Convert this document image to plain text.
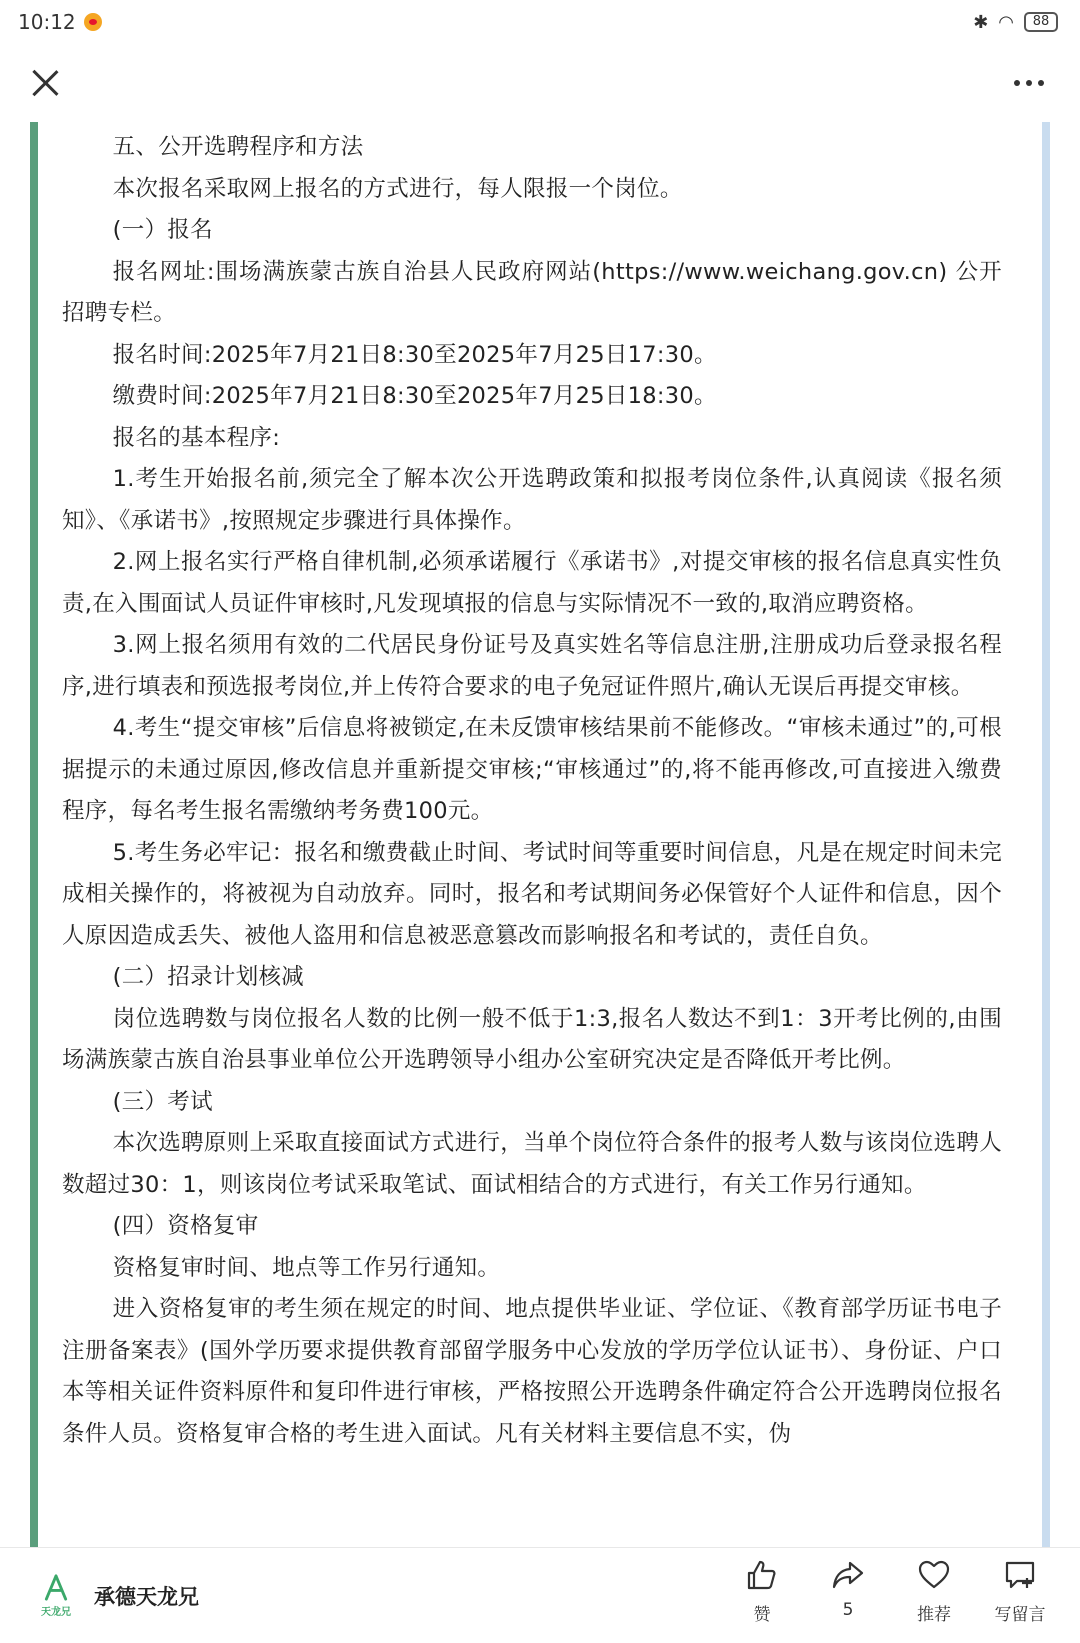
10:12	✱ ◠	88

五、公开选聘程序和方法

本次报名采取网上报名的方式进行，每人限报一个岗位。

(一）报名

报名网址:围场满族蒙古族自治县人民政府网站(https://www.weichang.gov.cn) 公开招聘专栏。

报名时间:2025年7月21日8:30至2025年7月25日17:30。

缴费时间:2025年7月21日8:30至2025年7月25日18:30。

报名的基本程序:

1.考生开始报名前,须完全了解本次公开选聘政策和拟报考岗位条件,认真阅读《报名须知》、《承诺书》,按照规定步骤进行具体操作。

2.网上报名实行严格自律机制,必须承诺履行《承诺书》,对提交审核的报名信息真实性负责,在入围面试人员证件审核时,凡发现填报的信息与实际情况不一致的,取消应聘资格。

3.网上报名须用有效的二代居民身份证号及真实姓名等信息注册,注册成功后登录报名程序,进行填表和预选报考岗位,并上传符合要求的电子免冠证件照片,确认无误后再提交审核。

4.考生“提交审核”后信息将被锁定,在未反馈审核结果前不能修改。“审核未通过”的,可根据提示的未通过原因,修改信息并重新提交审核;“审核通过”的,将不能再修改,可直接进入缴费程序，每名考生报名需缴纳考务费100元。

5.考生务必牢记：报名和缴费截止时间、考试时间等重要时间信息，凡是在规定时间未完成相关操作的，将被视为自动放弃。同时，报名和考试期间务必保管好个人证件和信息，因个人原因造成丢失、被他人盗用和信息被恶意篡改而影响报名和考试的，责任自负。

(二）招录计划核减

岗位选聘数与岗位报名人数的比例一般不低于1:3,报名人数达不到1：3开考比例的,由围场满族蒙古族自治县事业单位公开选聘领导小组办公室研究决定是否降低开考比例。

(三）考试

本次选聘原则上采取直接面试方式进行，当单个岗位符合条件的报考人数与该岗位选聘人数超过30：1，则该岗位考试采取笔试、面试相结合的方式进行，有关工作另行通知。

(四）资格复审

资格复审时间、地点等工作另行通知。

进入资格复审的考生须在规定的时间、地点提供毕业证、学位证、《教育部学历证书电子注册备案表》(国外学历要求提供教育部留学服务中心发放的学历学位认证书）、身份证、户口本等相关证件资料原件和复印件进行审核，严格按照公开选聘条件确定符合公开选聘岗位报名条件人员。资格复审合格的考生进入面试。凡有关材料主要信息不实，伪

天龙兄
承德天龙兄
赞	5	推荐	写留言
